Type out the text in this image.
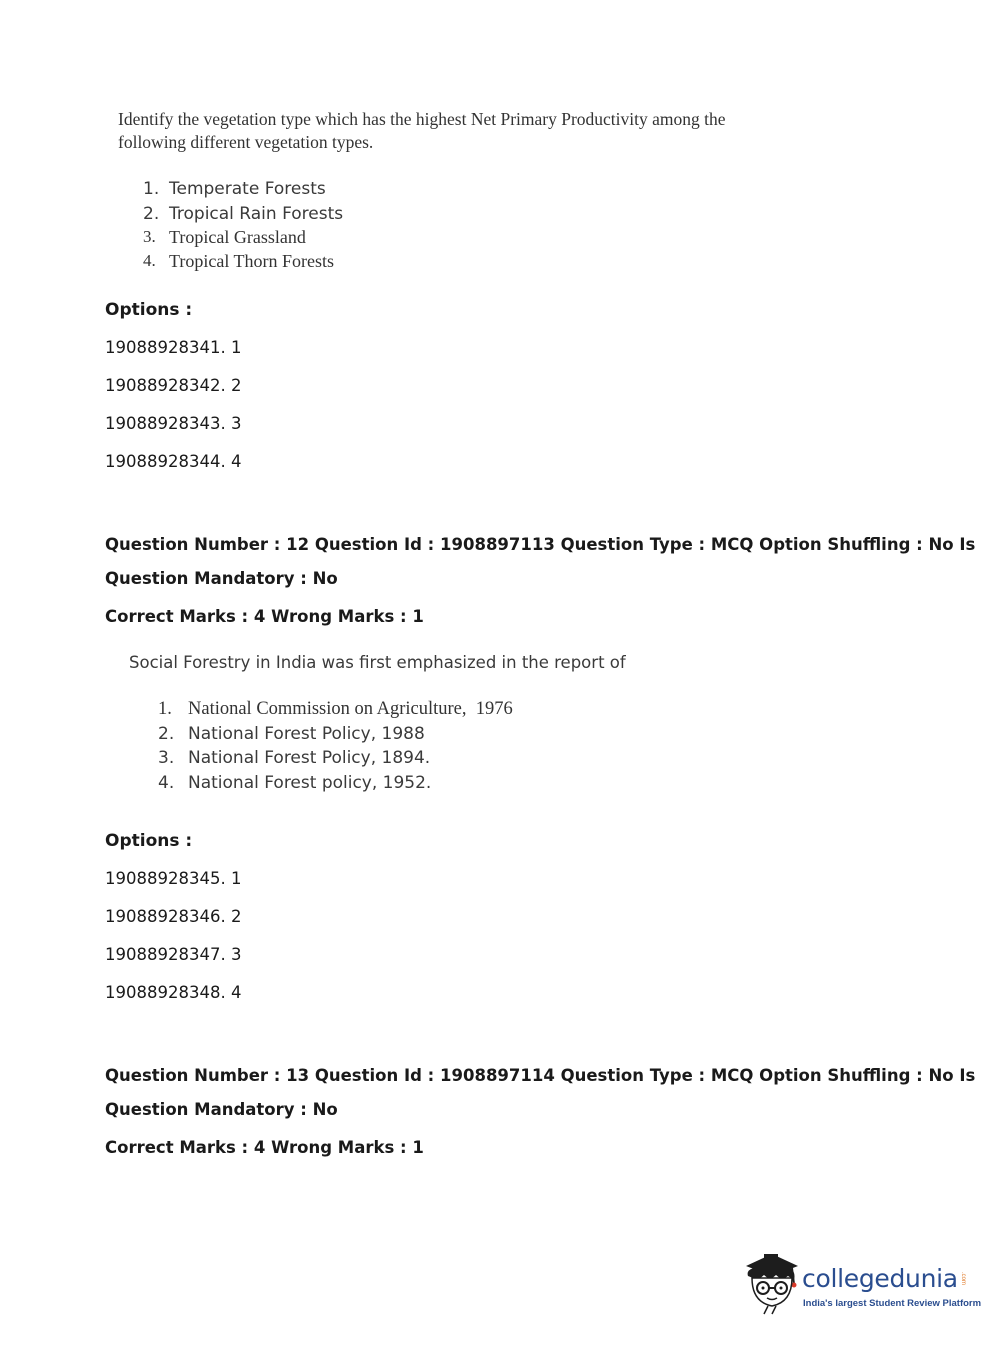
Identify the vegetation type which has the highest Net Primary Productivity among the
following different vegetation types.
1. Temperate Forests
2. Tropical Rain Forests
3. Tropical Grassland
4. Tropical Thorn Forests
Options :
19088928341. 1
19088928342. 2
19088928343. 3
19088928344. 4
Question Number : 12 Question Id : 1908897113 Question Type : MCQ Option Shuffling : No Is
Question Mandatory : No
Correct Marks : 4 Wrong Marks : 1
Social Forestry in India was first emphasized in the report of
1. National Commission on Agriculture,  1976
2. National Forest Policy, 1988
3. National Forest Policy, 1894.
4. National Forest policy, 1952.
Options :
19088928345. 1
19088928346. 2
19088928347. 3
19088928348. 4
Question Number : 13 Question Id : 1908897114 Question Type : MCQ Option Shuffling : No Is
Question Mandatory : No
Correct Marks : 4 Wrong Marks : 1
collegedunia .com
India's largest Student Review Platform
